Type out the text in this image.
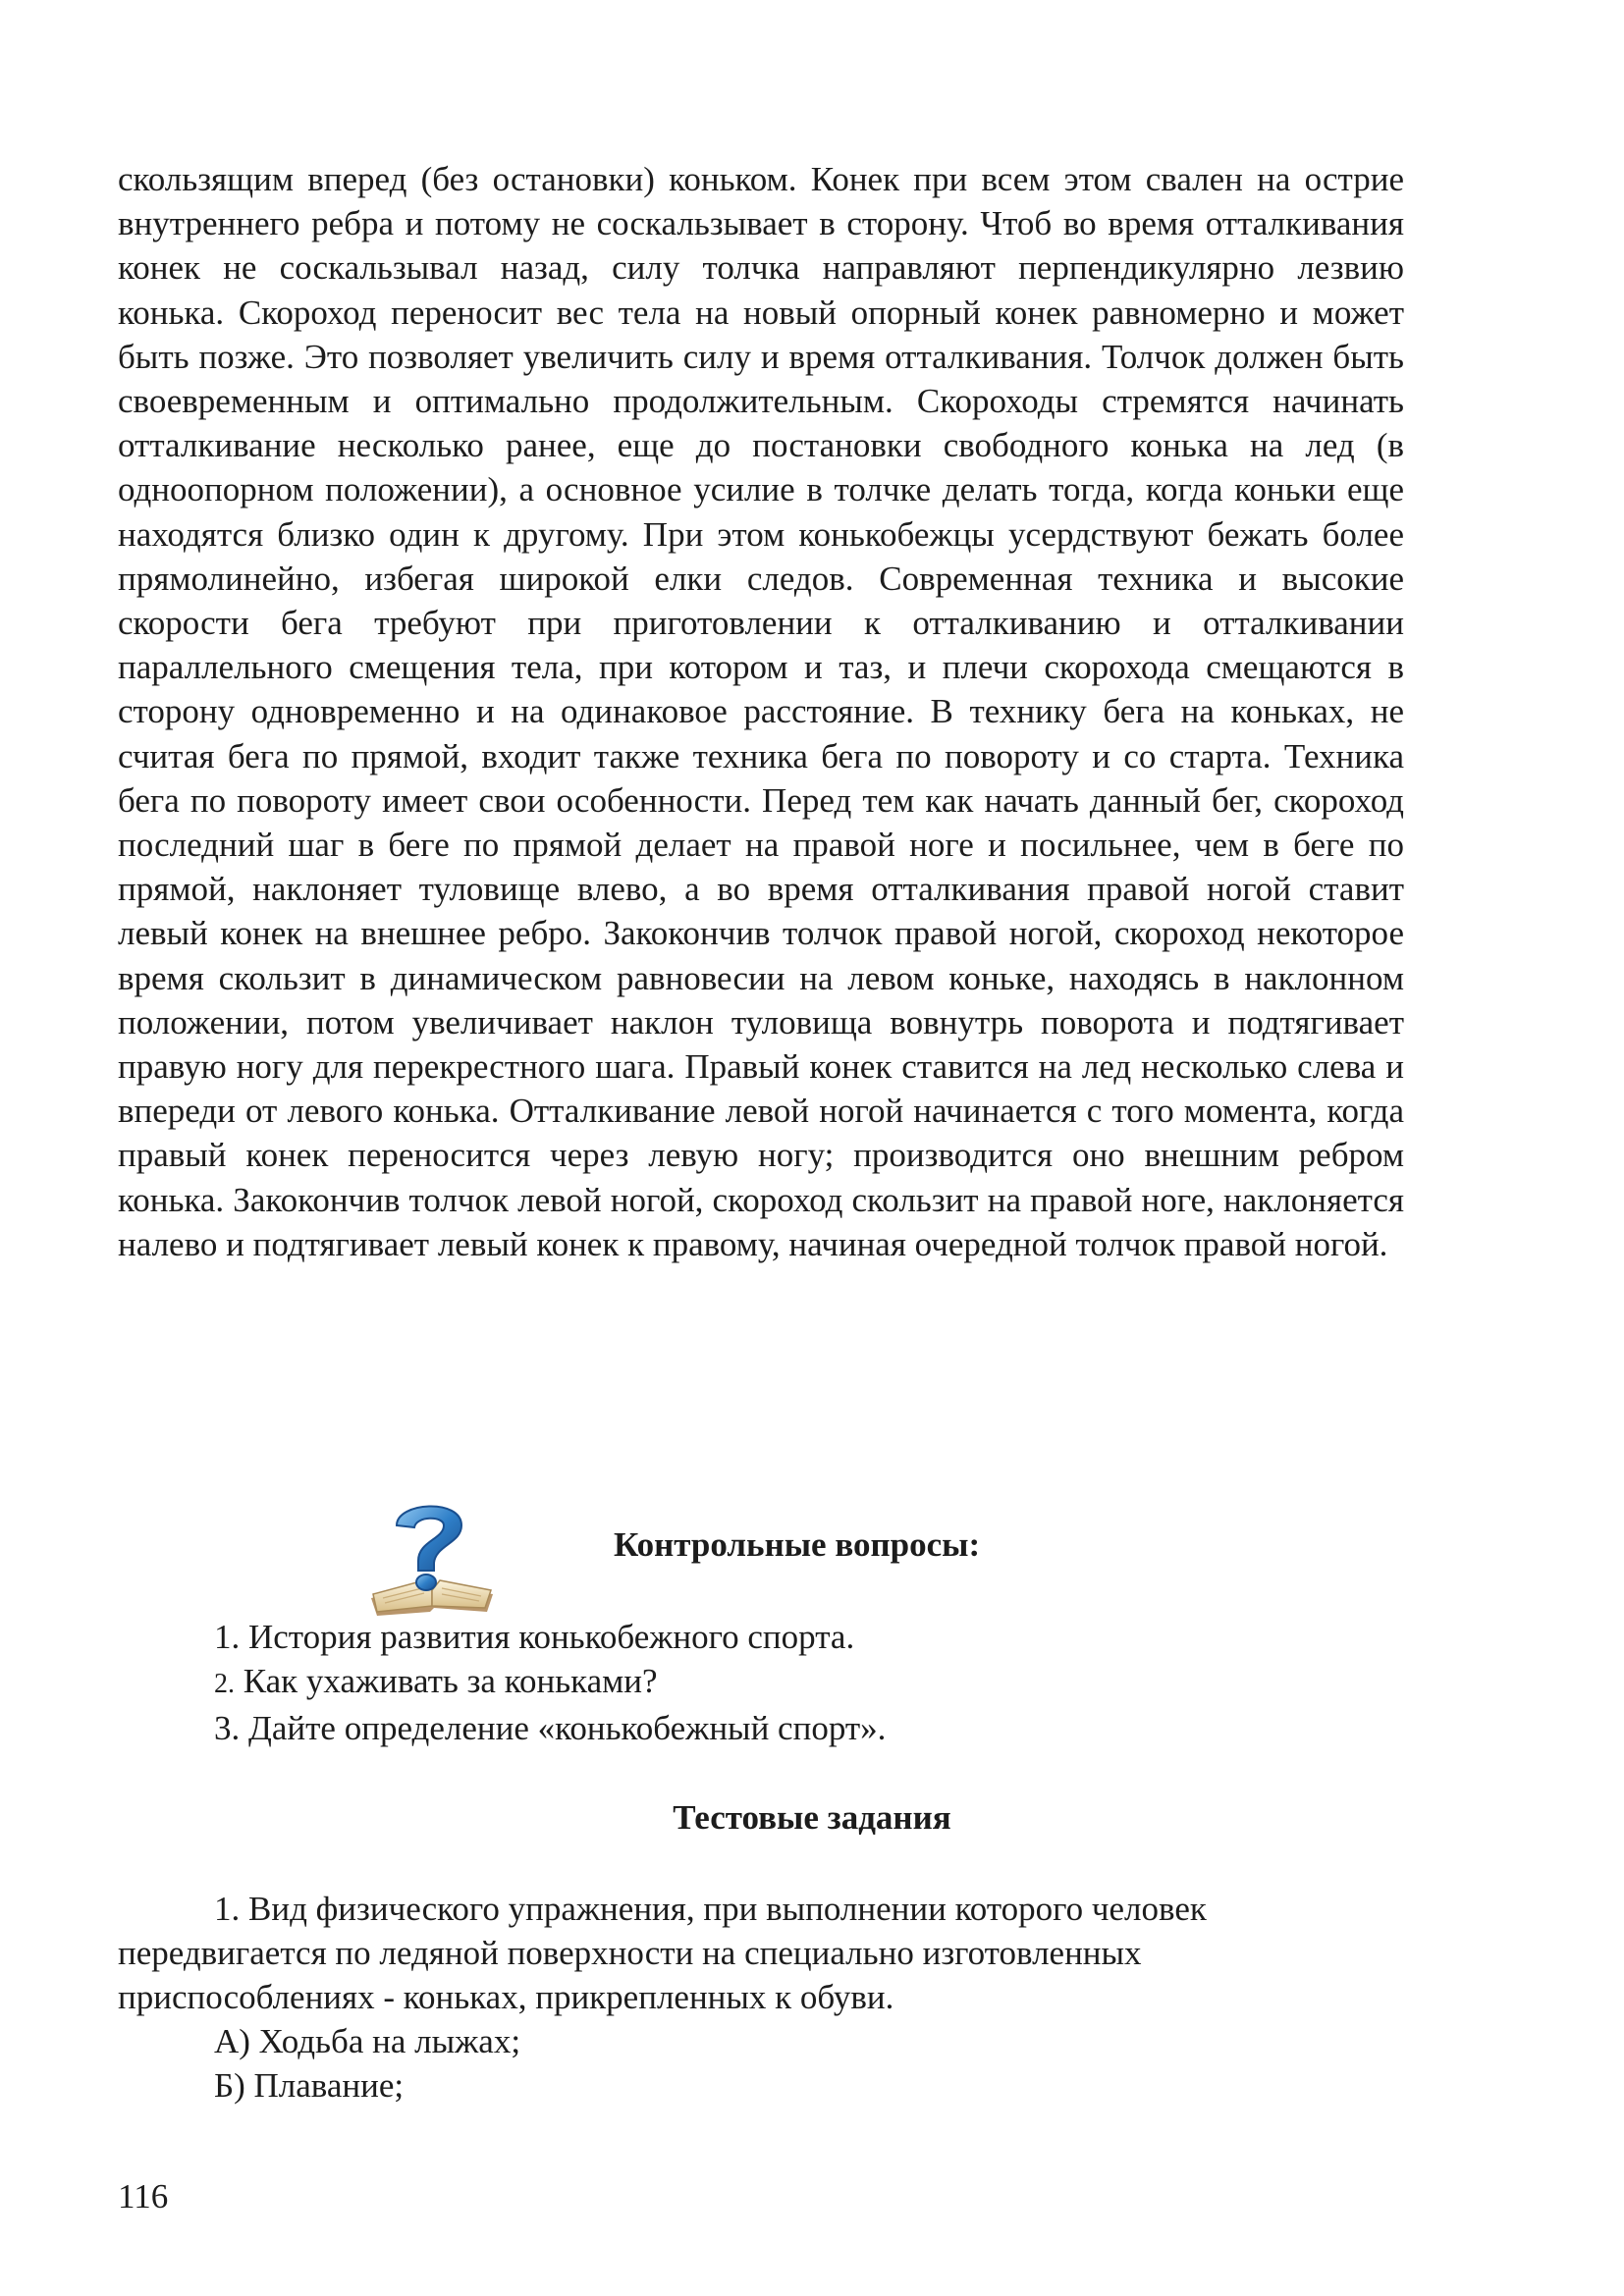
скользящим вперед (без остановки) коньком. Конек при всем этом свален на острие внутреннего ребра и потому не соскальзывает в сторону. Чтоб во время отталкивания конек не соскальзывал назад, силу толчка направляют перпендикулярно лезвию конька. Скороход переносит вес тела на новый опорный конек равномерно и может быть позже. Это позволяет увеличить силу и время отталкивания. Толчок должен быть своевременным и оптимально продолжительным. Скороходы стремятся начинать отталкивание несколько ранее, еще до постановки свободного конька на лед (в одноопорном положении), а основное усилие в толчке делать тогда, когда коньки еще находятся близко один к другому. При этом конькобежцы усердствуют бежать более прямолинейно, избегая широкой елки следов. Современная техника и высокие скорости бега требуют при приготовлении к отталкиванию и отталкивании параллельного смещения тела, при котором и таз, и плечи скорохода смещаются в сторону одновременно и на одинаковое расстояние. В технику бега на коньках, не считая бега по прямой, входит также техника бега по повороту и со старта. Техника бега по повороту имеет свои особенности. Перед тем как начать данный бег, скороход последний шаг в беге по прямой делает на правой ноге и посильнее, чем в беге по прямой, наклоняет туловище влево, а во время отталкивания правой ногой ставит левый конек на внешнее ребро. Закокончив толчок правой ногой, скороход некоторое время скользит в динамическом равновесии на левом коньке, находясь в наклонном положении, потом увеличивает наклон туловища вовнутрь поворота и подтягивает правую ногу для перекрестного шага. Правый конек ставится на лед несколько слева и впереди от левого конька. Отталкивание левой ногой начинается с того момента, когда правый конек переносится через левую ногу; производится оно внешним ребром конька. Закокончив толчок левой ногой, скороход скользит на правой ноге, наклоняется налево и подтягивает левый конек к правому, начиная очередной толчок правой ногой.

Контрольные вопросы:
1. История развития конькобежного спорта.
2. Как ухаживать за коньками?
3. Дайте определение «конькобежный спорт».
Тестовые задания

1. Вид физического упражнения, при выполнении которого человек передвигается по ледяной поверхности на специально изготовленных приспособлениях - коньках, прикрепленных к обуви.

А) Ходьба на лыжах;

Б) Плавание;

116
